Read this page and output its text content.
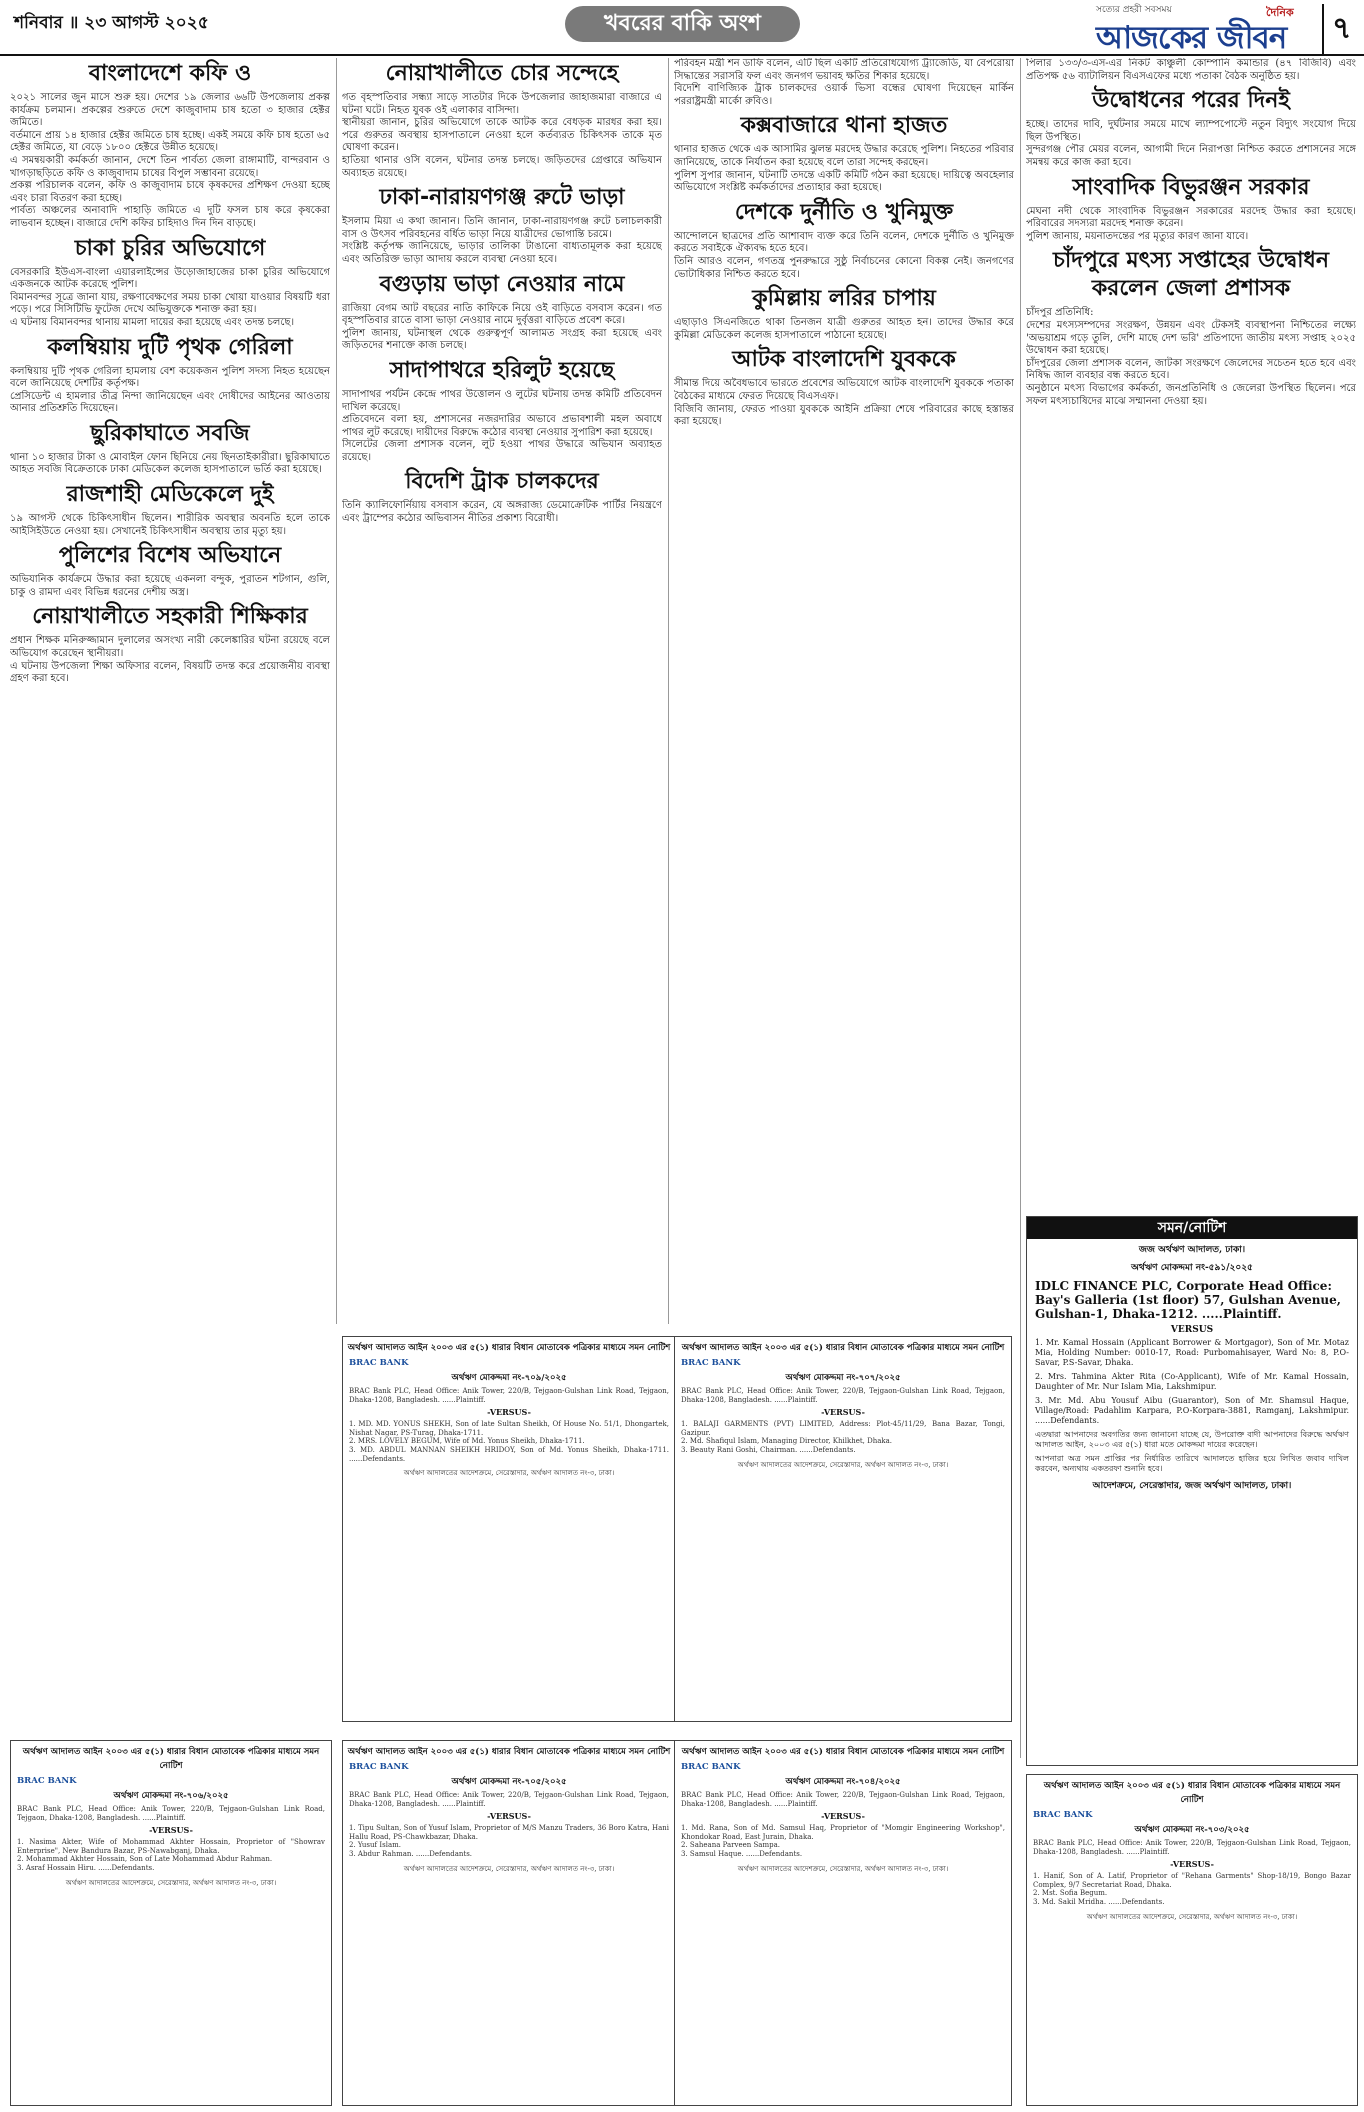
শনিবার ॥ ২৩ আগস্ট ২০২৫	খবরের বাকি অংশ
সত্যের প্রহরী সবসময়	দৈনিক
আজকের জীবন	৭
বাংলাদেশে কফি ও
২০২১ সালের জুন মাসে শুরু হয়। দেশের ১৯ জেলার ৬৬টি উপজেলায় প্রকল্প কার্যক্রম চলমান। প্রকল্পের শুরুতে দেশে কাজুবাদাম চাষ হতো ৩ হাজার হেক্টর জমিতে।
বর্তমানে প্রায় ১৪ হাজার হেক্টর জমিতে চাষ হচ্ছে। একই সময়ে কফি চাষ হতো ৬৫ হেক্টর জমিতে, যা বেড়ে ১৮০০ হেক্টরে উন্নীত হয়েছে।
এ সমন্বয়কারী কর্মকর্তা জানান, দেশে তিন পার্বত্য জেলা রাঙ্গামাটি, বান্দরবান ও খাগড়াছড়িতে কফি ও কাজুবাদাম চাষের বিপুল সম্ভাবনা রয়েছে।
প্রকল্প পরিচালক বলেন, কফি ও কাজুবাদাম চাষে কৃষকদের প্রশিক্ষণ দেওয়া হচ্ছে এবং চারা বিতরণ করা হচ্ছে।
পার্বত্য অঞ্চলের অনাবাদি পাহাড়ি জমিতে এ দুটি ফসল চাষ করে কৃষকেরা লাভবান হচ্ছেন। বাজারে দেশি কফির চাহিদাও দিন দিন বাড়ছে।
চাকা চুরির অভিযোগে
বেসরকারি ইউএস-বাংলা এয়ারলাইন্সের উড়োজাহাজের চাকা চুরির অভিযোগে একজনকে আটক করেছে পুলিশ।
বিমানবন্দর সূত্রে জানা যায়, রক্ষণাবেক্ষণের সময় চাকা খোয়া যাওয়ার বিষয়টি ধরা পড়ে। পরে সিসিটিভি ফুটেজ দেখে অভিযুক্তকে শনাক্ত করা হয়।
এ ঘটনায় বিমানবন্দর থানায় মামলা দায়ের করা হয়েছে এবং তদন্ত চলছে।
কলম্বিয়ায় দুটি পৃথক গেরিলা
কলম্বিয়ায় দুটি পৃথক গেরিলা হামলায় বেশ কয়েকজন পুলিশ সদস্য নিহত হয়েছেন বলে জানিয়েছে দেশটির কর্তৃপক্ষ।
প্রেসিডেন্ট এ হামলার তীব্র নিন্দা জানিয়েছেন এবং দোষীদের আইনের আওতায় আনার প্রতিশ্রুতি দিয়েছেন।
ছুরিকাঘাতে সবজি
থানা ১০ হাজার টাকা ও মোবাইল ফোন ছিনিয়ে নেয় ছিনতাইকারীরা। ছুরিকাঘাতে আহত সবজি বিক্রেতাকে ঢাকা মেডিকেল কলেজ হাসপাতালে ভর্তি করা হয়েছে।
রাজশাহী মেডিকেলে দুই
১৯ আগস্ট থেকে চিকিৎসাধীন ছিলেন। শারীরিক অবস্থার অবনতি হলে তাকে আইসিইউতে নেওয়া হয়। সেখানেই চিকিৎসাধীন অবস্থায় তার মৃত্যু হয়।
পুলিশের বিশেষ অভিযানে
অভিযানিক কার্যক্রমে উদ্ধার করা হয়েছে একনলা বন্দুক, পুরাতন শটগান, গুলি, চাকু ও রামদা এবং বিভিন্ন ধরনের দেশীয় অস্ত্র।
নোয়াখালীতে সহকারী শিক্ষিকার
প্রধান শিক্ষক মনিরুজ্জামান দুলালের অসংখ্য নারী কেলেঙ্কারির ঘটনা রয়েছে বলে অভিযোগ করেছেন স্থানীয়রা।
এ ঘটনায় উপজেলা শিক্ষা অফিসার বলেন, বিষয়টি তদন্ত করে প্রয়োজনীয় ব্যবস্থা গ্রহণ করা হবে।
নোয়াখালীতে চোর সন্দেহে
গত বৃহস্পতিবার সন্ধ্যা সাড়ে সাতটার দিকে উপজেলার জাহাজমারা বাজারে এ ঘটনা ঘটে। নিহত যুবক ওই এলাকার বাসিন্দা।
স্থানীয়রা জানান, চুরির অভিযোগে তাকে আটক করে বেধড়ক মারধর করা হয়। পরে গুরুতর অবস্থায় হাসপাতালে নেওয়া হলে কর্তব্যরত চিকিৎসক তাকে মৃত ঘোষণা করেন।
হাতিয়া থানার ওসি বলেন, ঘটনার তদন্ত চলছে। জড়িতদের গ্রেপ্তারে অভিযান অব্যাহত রয়েছে।
ঢাকা-নারায়ণগঞ্জ রুটে ভাড়া
ইসলাম মিয়া এ কথা জানান। তিনি জানান, ঢাকা-নারায়ণগঞ্জ রুটে চলাচলকারী বাস ও উৎসব পরিবহনের বর্ধিত ভাড়া নিয়ে যাত্রীদের ভোগান্তি চরমে।
সংশ্লিষ্ট কর্তৃপক্ষ জানিয়েছে, ভাড়ার তালিকা টাঙানো বাধ্যতামূলক করা হয়েছে এবং অতিরিক্ত ভাড়া আদায় করলে ব্যবস্থা নেওয়া হবে।
বগুড়ায় ভাড়া নেওয়ার নামে
রাজিয়া বেগম আট বছরের নাতি কাফিকে নিয়ে ওই বাড়িতে বসবাস করেন। গত বৃহস্পতিবার রাতে বাসা ভাড়া নেওয়ার নামে দুর্বৃত্তরা বাড়িতে প্রবেশ করে।
পুলিশ জানায়, ঘটনাস্থল থেকে গুরুত্বপূর্ণ আলামত সংগ্রহ করা হয়েছে এবং জড়িতদের শনাক্তে কাজ চলছে।
সাদাপাথরে হরিলুট হয়েছে
সাদাপাথর পর্যটন কেন্দ্রে পাথর উত্তোলন ও লুটের ঘটনায় তদন্ত কমিটি প্রতিবেদন দাখিল করেছে।
প্রতিবেদনে বলা হয়, প্রশাসনের নজরদারির অভাবে প্রভাবশালী মহল অবাধে পাথর লুট করেছে। দায়ীদের বিরুদ্ধে কঠোর ব্যবস্থা নেওয়ার সুপারিশ করা হয়েছে।
সিলেটের জেলা প্রশাসক বলেন, লুট হওয়া পাথর উদ্ধারে অভিযান অব্যাহত রয়েছে।
বিদেশি ট্রাক চালকদের
তিনি ক্যালিফোর্নিয়ায় বসবাস করেন, যে অঙ্গরাজ্য ডেমোক্রেটিক পার্টির নিয়ন্ত্রণে এবং ট্রাম্পের কঠোর অভিবাসন নীতির প্রকাশ্য বিরোধী।
পরিবহন মন্ত্রী শন ডাফি বলেন, এটি ছিল একটি প্রতিরোধযোগ্য ট্র্যাজেডি, যা বেপরোয়া সিদ্ধান্তের সরাসরি ফল এবং জনগণ ভয়াবহ ক্ষতির শিকার হয়েছে।
বিদেশি বাণিজ্যিক ট্রাক চালকদের ওয়ার্ক ভিসা বন্ধের ঘোষণা দিয়েছেন মার্কিন পররাষ্ট্রমন্ত্রী মার্কো রুবিও।
কক্সবাজারে থানা হাজত
থানার হাজত থেকে এক আসামির ঝুলন্ত মরদেহ উদ্ধার করেছে পুলিশ। নিহতের পরিবার জানিয়েছে, তাকে নির্যাতন করা হয়েছে বলে তারা সন্দেহ করছেন।
পুলিশ সুপার জানান, ঘটনাটি তদন্তে একটি কমিটি গঠন করা হয়েছে। দায়িত্বে অবহেলার অভিযোগে সংশ্লিষ্ট কর্মকর্তাদের প্রত্যাহার করা হয়েছে।
দেশকে দুর্নীতি ও খুনিমুক্ত
আন্দোলনে ছাত্রদের প্রতি আশাবাদ ব্যক্ত করে তিনি বলেন, দেশকে দুর্নীতি ও খুনিমুক্ত করতে সবাইকে ঐক্যবদ্ধ হতে হবে।
তিনি আরও বলেন, গণতন্ত্র পুনরুদ্ধারে সুষ্ঠু নির্বাচনের কোনো বিকল্প নেই। জনগণের ভোটাধিকার নিশ্চিত করতে হবে।
কুমিল্লায় লরির চাপায়
এছাড়াও সিএনজিতে থাকা তিনজন যাত্রী গুরুতর আহত হন। তাদের উদ্ধার করে কুমিল্লা মেডিকেল কলেজ হাসপাতালে পাঠানো হয়েছে।
আটক বাংলাদেশি যুবককে
সীমান্ত দিয়ে অবৈধভাবে ভারতে প্রবেশের অভিযোগে আটক বাংলাদেশি যুবককে পতাকা বৈঠকের মাধ্যমে ফেরত দিয়েছে বিএসএফ।
বিজিবি জানায়, ফেরত পাওয়া যুবককে আইনি প্রক্রিয়া শেষে পরিবারের কাছে হস্তান্তর করা হয়েছে।
পিলার ১৩৩/৩-এস-এর নিকট কাঞ্চুলী কোম্পানি কমান্ডার (৪৭ বিজিবি) এবং প্রতিপক্ষ ৫৬ ব্যাটালিয়ন বিএসএফের মধ্যে পতাকা বৈঠক অনুষ্ঠিত হয়।
উদ্বোধনের পরের দিনই
হচ্ছে। তাদের দাবি, দুর্ঘটনার সময়ে মাখে ল্যাম্পপোস্টে নতুন বিদ্যুৎ সংযোগ দিয়ে ছিল উপস্থিত।
সুন্দরগঞ্জ পৌর মেয়র বলেন, আগামী দিনে নিরাপত্তা নিশ্চিত করতে প্রশাসনের সঙ্গে সমন্বয় করে কাজ করা হবে।
সাংবাদিক বিভুরঞ্জন সরকার
মেঘনা নদী থেকে সাংবাদিক বিভুরঞ্জন সরকারের মরদেহ উদ্ধার করা হয়েছে। পরিবারের সদস্যরা মরদেহ শনাক্ত করেন।
পুলিশ জানায়, ময়নাতদন্তের পর মৃত্যুর কারণ জানা যাবে।
চাঁদপুরে মৎস্য সপ্তাহের উদ্বোধন করলেন জেলা প্রশাসক
চাঁদপুর প্রতিনিধি:
দেশের মৎস্যসম্পদের সংরক্ষণ, উন্নয়ন এবং টেকসই ব্যবস্থাপনা নিশ্চিতের লক্ষ্যে 'অভয়াশ্রম গড়ে তুলি, দেশি মাছে দেশ ভরি' প্রতিপাদ্যে জাতীয় মৎস্য সপ্তাহ ২০২৫ উদ্বোধন করা হয়েছে।
চাঁদপুরের জেলা প্রশাসক বলেন, জাটকা সংরক্ষণে জেলেদের সচেতন হতে হবে এবং নিষিদ্ধ জাল ব্যবহার বন্ধ করতে হবে।
অনুষ্ঠানে মৎস্য বিভাগের কর্মকর্তা, জনপ্রতিনিধি ও জেলেরা উপস্থিত ছিলেন। পরে সফল মৎস্যচাষিদের মাঝে সম্মাননা দেওয়া হয়।
অর্থঋণ আদালত আইন ২০০৩ এর ৫(১) ধারার বিধান মোতাবেক পত্রিকার মাধ্যমে সমন নোটিশ
BRAC BANK
অর্থঋণ মোকদ্দমা নং-৭০৯/২০২৫
BRAC Bank PLC, Head Office: Anik Tower, 220/B, Tejgaon-Gulshan Link Road, Tejgaon, Dhaka-1208, Bangladesh. ......Plaintiff.
-VERSUS-
1. MD. MD. YONUS SHEKH, Son of late Sultan Sheikh, Of House No. 51/1, Dhongartek, Nishat Nagar, PS-Turag, Dhaka-1711.
2. MRS. LOVELY BEGUM, Wife of Md. Yonus Sheikh, Dhaka-1711.
3. MD. ABDUL MANNAN SHEIKH HRIDOY, Son of Md. Yonus Sheikh, Dhaka-1711. ......Defendants.
অর্থঋণ আদালতের আদেশক্রমে, সেরেস্তাদার, অর্থঋণ আদালত নং-৩, ঢাকা।
অর্থঋণ আদালত আইন ২০০৩ এর ৫(১) ধারার বিধান মোতাবেক পত্রিকার মাধ্যমে সমন নোটিশ
BRAC BANK
অর্থঋণ মোকদ্দমা নং-৭০৭/২০২৫
BRAC Bank PLC, Head Office: Anik Tower, 220/B, Tejgaon-Gulshan Link Road, Tejgaon, Dhaka-1208, Bangladesh. ......Plaintiff.
-VERSUS-
1. BALAJI GARMENTS (PVT) LIMITED, Address: Plot-45/11/29, Bana Bazar, Tongi, Gazipur.
2. Md. Shafiqul Islam, Managing Director, Khilkhet, Dhaka.
3. Beauty Rani Goshi, Chairman. ......Defendants.
অর্থঋণ আদালতের আদেশক্রমে, সেরেস্তাদার, অর্থঋণ আদালত নং-৩, ঢাকা।
অর্থঋণ আদালত আইন ২০০৩ এর ৫(১) ধারার বিধান মোতাবেক পত্রিকার মাধ্যমে সমন নোটিশ
BRAC BANK
অর্থঋণ মোকদ্দমা নং-৭০৬/২০২৫
BRAC Bank PLC, Head Office: Anik Tower, 220/B, Tejgaon-Gulshan Link Road, Tejgaon, Dhaka-1208, Bangladesh. ......Plaintiff.
-VERSUS-
1. Nasima Akter, Wife of Mohammad Akhter Hossain, Proprietor of "Showrav Enterprise", New Bandura Bazar, PS-Nawabganj, Dhaka.
2. Mohammad Akhter Hossain, Son of Late Mohammad Abdur Rahman.
3. Asraf Hossain Hiru. ......Defendants.
অর্থঋণ আদালতের আদেশক্রমে, সেরেস্তাদার, অর্থঋণ আদালত নং-৩, ঢাকা।
অর্থঋণ আদালত আইন ২০০৩ এর ৫(১) ধারার বিধান মোতাবেক পত্রিকার মাধ্যমে সমন নোটিশ
BRAC BANK
অর্থঋণ মোকদ্দমা নং-৭০৫/২০২৫
BRAC Bank PLC, Head Office: Anik Tower, 220/B, Tejgaon-Gulshan Link Road, Tejgaon, Dhaka-1208, Bangladesh. ......Plaintiff.
-VERSUS-
1. Tipu Sultan, Son of Yusuf Islam, Proprietor of M/S Manzu Traders, 36 Boro Katra, Hani Hallu Road, PS-Chawkbazar, Dhaka.
2. Yusuf Islam.
3. Abdur Rahman. ......Defendants.
অর্থঋণ আদালতের আদেশক্রমে, সেরেস্তাদার, অর্থঋণ আদালত নং-৩, ঢাকা।
অর্থঋণ আদালত আইন ২০০৩ এর ৫(১) ধারার বিধান মোতাবেক পত্রিকার মাধ্যমে সমন নোটিশ
BRAC BANK
অর্থঋণ মোকদ্দমা নং-৭০৪/২০২৫
BRAC Bank PLC, Head Office: Anik Tower, 220/B, Tejgaon-Gulshan Link Road, Tejgaon, Dhaka-1208, Bangladesh. ......Plaintiff.
-VERSUS-
1. Md. Rana, Son of Md. Samsul Haq, Proprietor of "Momgir Engineering Workshop", Khondokar Road, East Jurain, Dhaka.
2. Saheana Parveen Sampa.
3. Samsul Haque. ......Defendants.
অর্থঋণ আদালতের আদেশক্রমে, সেরেস্তাদার, অর্থঋণ আদালত নং-৩, ঢাকা।
অর্থঋণ আদালত আইন ২০০৩ এর ৫(১) ধারার বিধান মোতাবেক পত্রিকার মাধ্যমে সমন নোটিশ
BRAC BANK
অর্থঋণ মোকদ্দমা নং-৭০৩/২০২৫
BRAC Bank PLC, Head Office: Anik Tower, 220/B, Tejgaon-Gulshan Link Road, Tejgaon, Dhaka-1208, Bangladesh. ......Plaintiff.
-VERSUS-
1. Hanif, Son of A. Latif, Proprietor of "Rehana Garments" Shop-18/19, Bongo Bazar Complex, 9/7 Secretariat Road, Dhaka.
2. Mst. Sofia Begum.
3. Md. Sakil Mridha. ......Defendants.
অর্থঋণ আদালতের আদেশক্রমে, সেরেস্তাদার, অর্থঋণ আদালত নং-৩, ঢাকা।
সমন/নোটিশ
জজ অর্থঋণ আদালত, ঢাকা।
অর্থঋণ মোকদ্দমা নং-৫৯১/২০২৫
IDLC FINANCE PLC, Corporate Head Office: Bay's Galleria (1st floor) 57, Gulshan Avenue, Gulshan-1, Dhaka-1212. .....Plaintiff.
VERSUS
1. Mr. Kamal Hossain (Applicant Borrower & Mortgagor), Son of Mr. Motaz Mia, Holding Number: 0010-17, Road: Purbomahisayer, Ward No: 8, P.O-Savar, P.S-Savar, Dhaka.
2. Mrs. Tahmina Akter Rita (Co-Applicant), Wife of Mr. Kamal Hossain, Daughter of Mr. Nur Islam Mia, Lakshmipur.
3. Mr. Md. Abu Yousuf Aibu (Guarantor), Son of Mr. Shamsul Haque, Village/Road: Padahlim Karpara, P.O-Korpara-3881, Ramganj, Lakshmipur. ......Defendants.
এতদ্বারা আপনাদের অবগতির জন্য জানানো যাচ্ছে যে, উপরোক্ত বাদী আপনাদের বিরুদ্ধে অর্থঋণ আদালত আইন, ২০০৩ এর ৫(১) ধারা মতে মোকদ্দমা দায়ের করেছেন।
আপনারা অত্র সমন প্রাপ্তির পর নির্ধারিত তারিখে আদালতে হাজির হয়ে লিখিত জবাব দাখিল করবেন, অন্যথায় একতরফা শুনানি হবে।
আদেশক্রমে, সেরেস্তাদার, জজ অর্থঋণ আদালত, ঢাকা।
